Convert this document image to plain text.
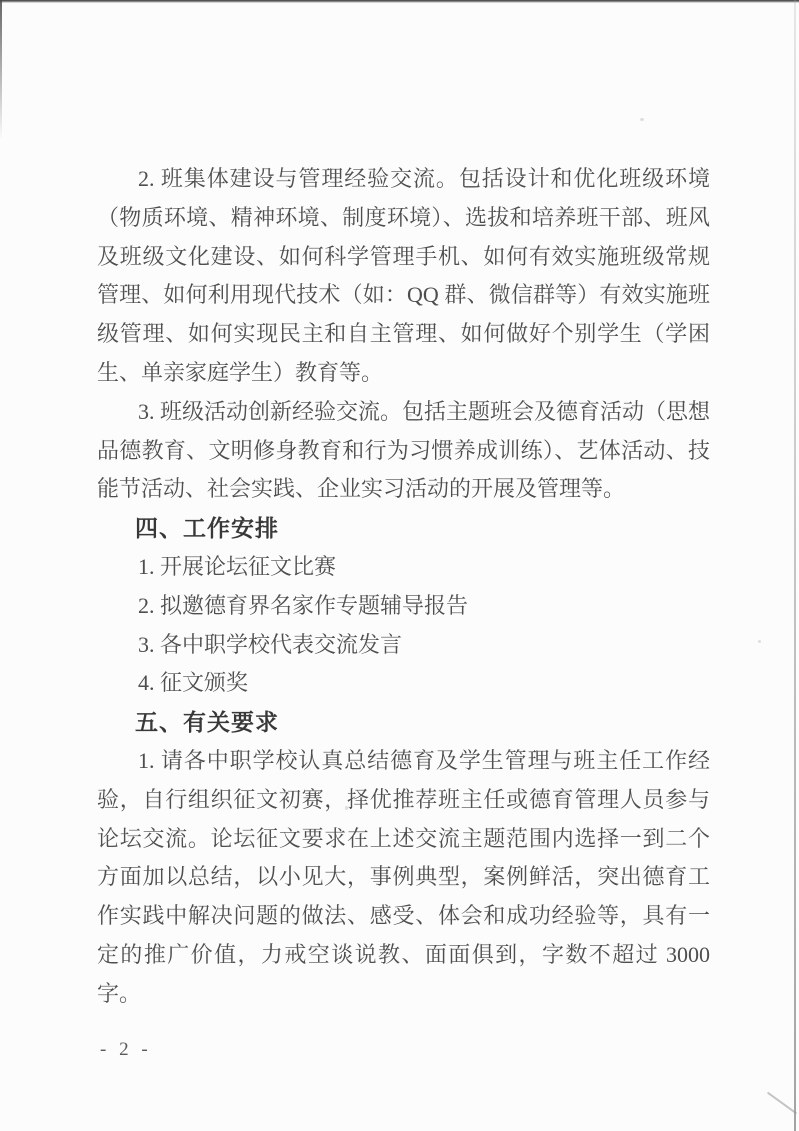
2. 班集体建设与管理经验交流。包括设计和优化班级环境（物质环境、精神环境、制度环境）、选拔和培养班干部、班风及班级文化建设、如何科学管理手机、如何有效实施班级常规管理、如何利用现代技术（如：QQ 群、微信群等）有效实施班级管理、如何实现民主和自主管理、如何做好个别学生（学困生、单亲家庭学生）教育等。

3. 班级活动创新经验交流。包括主题班会及德育活动（思想品德教育、文明修身教育和行为习惯养成训练）、艺体活动、技能节活动、社会实践、企业实习活动的开展及管理等。

四、工作安排

1. 开展论坛征文比赛

2. 拟邀德育界名家作专题辅导报告

3. 各中职学校代表交流发言

4. 征文颁奖

五、有关要求

1. 请各中职学校认真总结德育及学生管理与班主任工作经验，自行组织征文初赛，择优推荐班主任或德育管理人员参与论坛交流。论坛征文要求在上述交流主题范围内选择一到二个方面加以总结，以小见大，事例典型，案例鲜活，突出德育工作实践中解决问题的做法、感受、体会和成功经验等，具有一定的推广价值，力戒空谈说教、面面俱到，字数不超过 3000 字。

- 2 -
